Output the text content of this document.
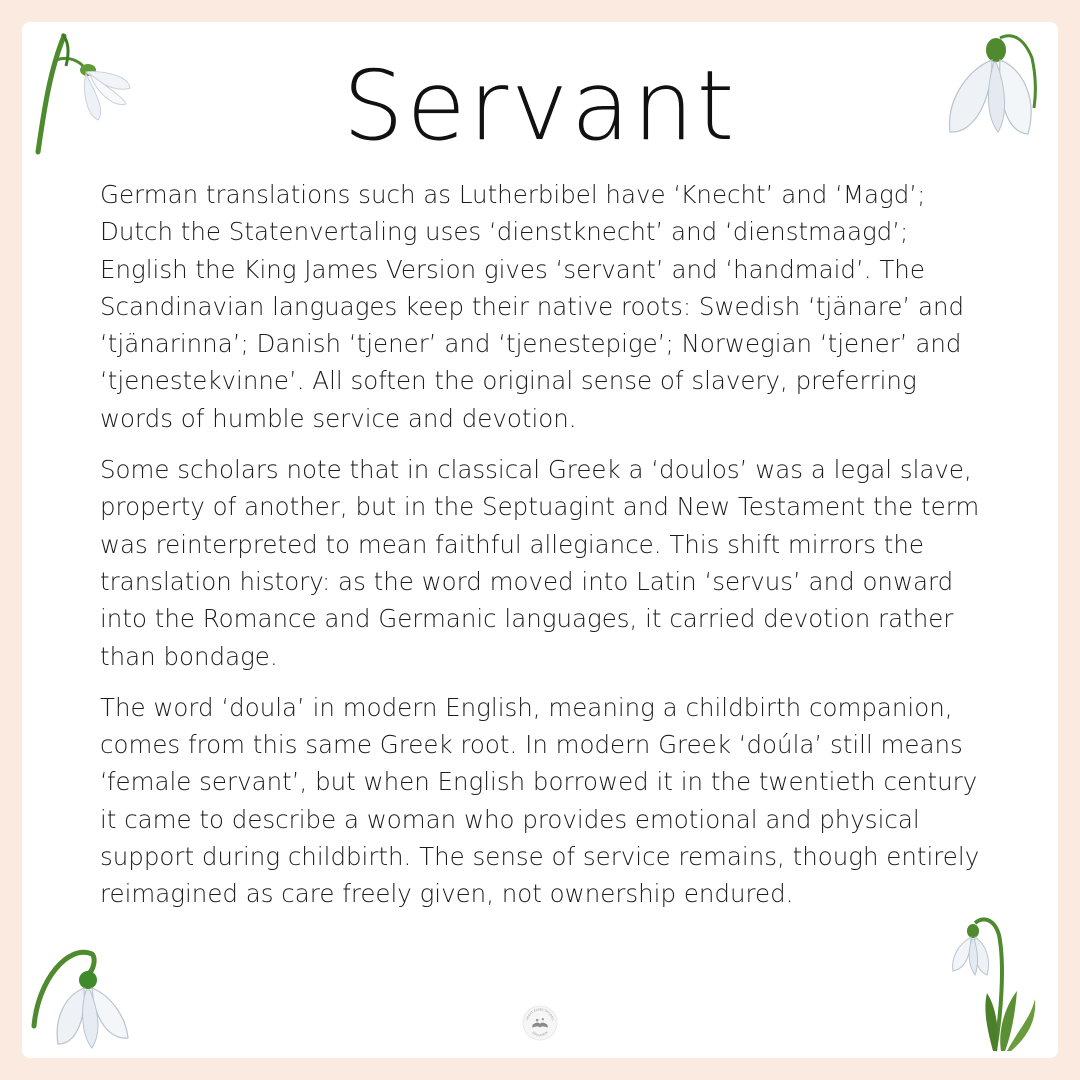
Servant

German translations such as Lutherbibel have ‘Knecht’ and ‘Magd’; Dutch the Statenvertaling uses ‘dienstknecht’ and ‘dienstmaagd’; English the King James Version gives ‘servant’ and ‘handmaid’. The Scandinavian languages keep their native roots: Swedish ‘tjänare’ and ‘tjänarinna’; Danish ‘tjener’ and ‘tjenestepige’; Norwegian ‘tjener’ and ‘tjenestekvinne’. All soften the original sense of slavery, preferring words of humble service and devotion.

Some scholars note that in classical Greek a ‘doulos’ was a legal slave, property of another, but in the Septuagint and New Testament the term was reinterpreted to mean faithful allegiance. This shift mirrors the translation history: as the word moved into Latin ‘servus’ and onward into the Romance and Germanic languages, it carried devotion rather than bondage.

The word ‘doula’ in modern English, meaning a childbirth companion, comes from this same Greek root. In modern Greek ‘doúla’ still means ‘female servant’, but when English borrowed it in the twentieth century it came to describe a woman who provides emotional and physical support during childbirth. The sense of service remains, though entirely reimagined as care freely given, not ownership endured.

GREAT EXPECTATIONS
EDUCATION
